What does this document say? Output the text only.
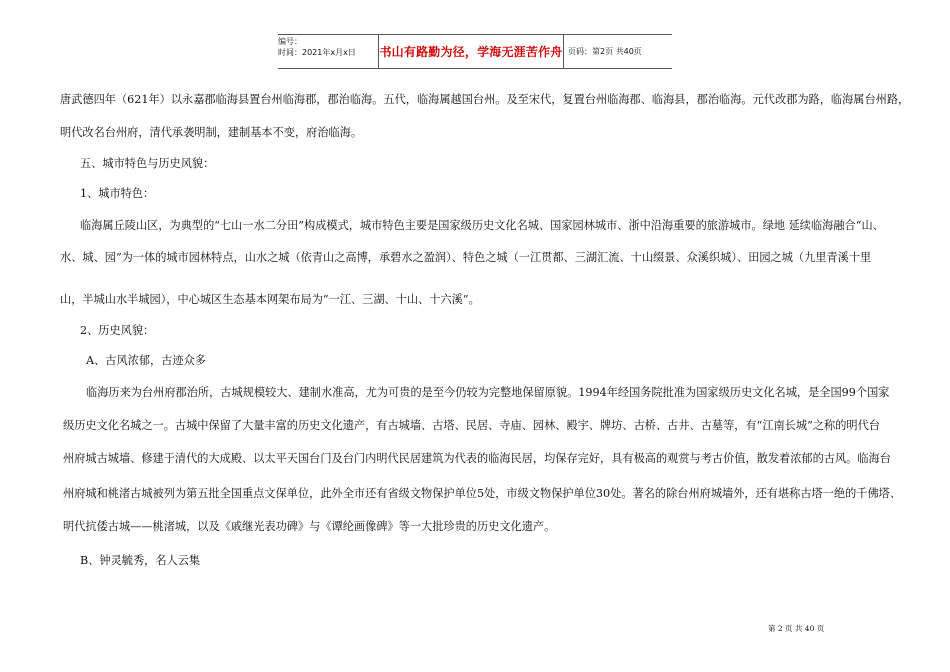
编号：
时间：2021年x月x日	书山有路勤为径，学海无涯苦作舟 页码：第2页 共40页
唐武德四年（621年）以永嘉郡临海县置台州临海郡，郡治临海。五代，临海属越国台州。及至宋代，复置台州临海郡、临海县，郡治临海。元代改郡为路，临海属台州路，
明代改名台州府，清代承袭明制，建制基本不变，府治临海。
五、城市特色与历史风貌：
1、城市特色：
临海属丘陵山区，为典型的“七山一水二分田”构成模式，城市特色主要是国家级历史文化名城、国家园林城市、浙中沿海重要的旅游城市。绿地 延续临海融合“山、
水、城、园”为一体的城市园林特点，山水之城（依青山之高博，承碧水之盈润）、特色之城（一江贯都、三湖汇流、十山缀景、众溪织城）、田园之城（九里青溪十里
山，半城山水半城园），中心城区生态基本网架布局为“一江、三湖、十山、十六溪”。
2、历史风貌：
A、古风浓郁，古迹众多
临海历来为台州府郡治所，古城规模较大、建制水准高，尤为可贵的是至今仍较为完整地保留原貌。1994年经国务院批准为国家级历史文化名城，是全国99个国家
级历史文化名城之一。古城中保留了大量丰富的历史文化遗产，有古城墙、古塔、民居、寺庙、园林、殿宇、牌坊、古桥、古井、古墓等，有“江南长城”之称的明代台
州府城古城墙、修建于清代的大成殿、以太平天国台门及台门内明代民居建筑为代表的临海民居，均保存完好，具有极高的观赏与考古价值，散发着浓郁的古风。临海台
州府城和桃渚古城被列为第五批全国重点文保单位，此外全市还有省级文物保护单位5处，市级文物保护单位30处。著名的除台州府城墙外，还有堪称古塔一绝的千佛塔、
明代抗倭古城——桃渚城，以及《戚继光表功碑》与《谭纶画像碑》等一大批珍贵的历史文化遗产。
B、钟灵毓秀，名人云集
第 2 页 共 40 页
